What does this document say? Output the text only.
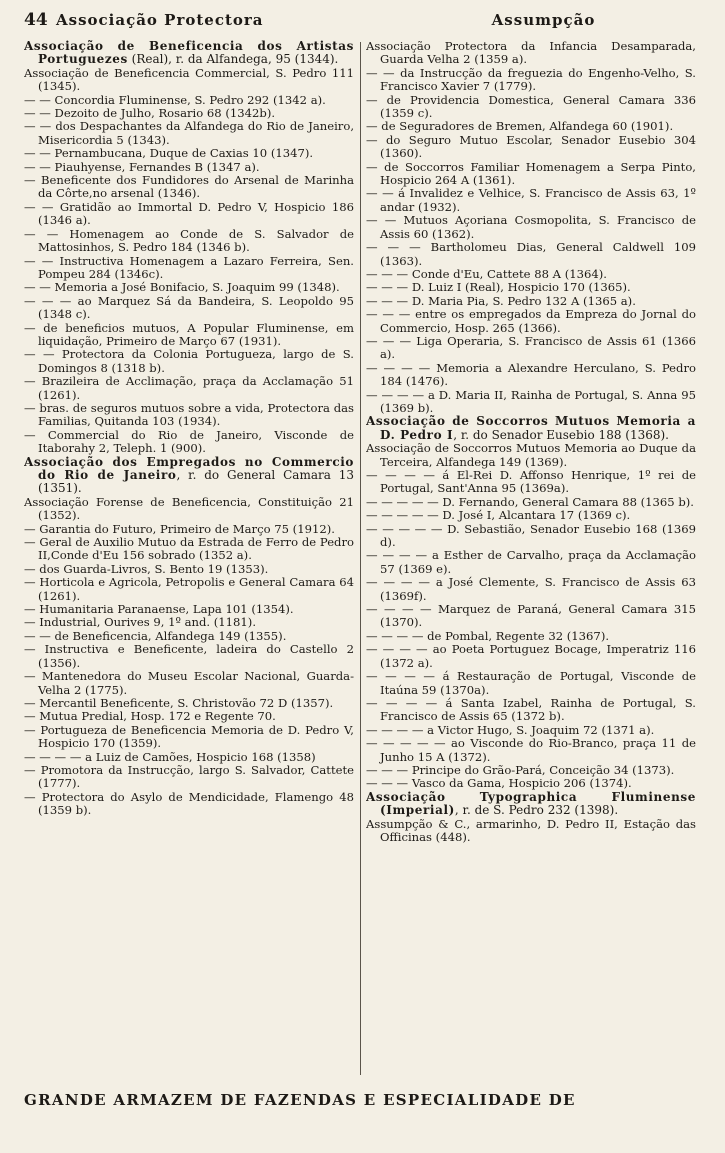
44 Associação Protectora	Assumpção

Associação de Beneficencia dos Artistas Portuguezes (Real), r. da Alfandega, 95 (1344).

Associação de Beneficencia Commercial, S. Pedro 111 (1345).

— — Concordia Fluminense, S. Pedro 292 (1342 a).

— — Dezoito de Julho, Rosario 68 (1342b).

— — dos Despachantes da Alfandega do Rio de Janeiro, Misericordia 5 (1343).

— — Pernambucana, Duque de Caxias 10 (1347).

— — Piauhyense, Fernandes B (1347 a).

— Beneficente dos Fundidores do Arsenal de Marinha da Côrte,no arsenal (1346).

— — Gratidão ao Immortal D. Pedro V, Hospicio 186 (1346 a).

— — Homenagem ao Conde de S. Salvador de Mattosinhos, S. Pedro 184 (1346 b).

— — Instructiva Homenagem a Lazaro Ferreira, Sen. Pompeu 284 (1346c).

— — Memoria a José Bonifacio, S. Joaquim 99 (1348).

— — — ao Marquez Sá da Bandeira, S. Leopoldo 95 (1348 c).

— de beneficios mutuos, A Popular Fluminense, em liquidação, Primeiro de Março 67 (1931).

— — Protectora da Colonia Portugueza, largo de S. Domingos 8 (1318 b).

— Brazileira de Acclimação, praça da Acclamação 51 (1261).

— bras. de seguros mutuos sobre a vida, Protectora das Familias, Quitanda 103 (1934).

— Commercial do Rio de Janeiro, Visconde de Itaborahy 2, Teleph. 1 (900).

Associação dos Empregados no Commercio do Rio de Janeiro, r. do General Camara 13 (1351).

Associação Forense de Beneficencia, Constituição 21 (1352).

— Garantia do Futuro, Primeiro de Março 75 (1912).

— Geral de Auxilio Mutuo da Estrada de Ferro de Pedro II,Conde d'Eu 156 sobrado (1352 a).

— dos Guarda-Livros, S. Bento 19 (1353).

— Horticola e Agricola, Petropolis e General Camara 64 (1261).

— Humanitaria Paranaense, Lapa 101 (1354).

— Industrial, Ourives 9, 1º and. (1181).

— — de Beneficencia, Alfandega 149 (1355).

— Instructiva e Beneficente, ladeira do Castello 2 (1356).

— Mantenedora do Museu Escolar Nacional, Guarda-Velha 2 (1775).

— Mercantil Beneficente, S. Christovão 72 D (1357).

— Mutua Predial, Hosp. 172 e Regente 70.

— Portugueza de Beneficencia Memoria de D. Pedro V, Hospicio 170 (1359).

— — — — a Luiz de Camões, Hospicio 168 (1358)

— Promotora da Instrucção, largo S. Salvador, Cattete (1777).

— Protectora do Asylo de Mendicidade, Flamengo 48 (1359 b).

Associação Protectora da Infancia Desamparada, Guarda Velha 2 (1359 a).

— — da Instrucção da freguezia do Engenho-Velho, S. Francisco Xavier 7 (1779).

— de Providencia Domestica, General Camara 336 (1359 c).

— de Seguradores de Bremen, Alfandega 60 (1901).

— do Seguro Mutuo Escolar, Senador Eusebio 304 (1360).

— de Soccorros Familiar Homenagem a Serpa Pinto, Hospicio 264 A (1361).

— — á Invalidez e Velhice, S. Francisco de Assis 63, 1º andar (1932).

— — Mutuos Açoriana Cosmopolita, S. Francisco de Assis 60 (1362).

— — — Bartholomeu Dias, General Caldwell 109 (1363).

— — — Conde d'Eu, Cattete 88 A (1364).

— — — D. Luiz I (Real), Hospicio 170 (1365).

— — — D. Maria Pia, S. Pedro 132 A (1365 a).

— — — entre os empregados da Empreza do Jornal do Commercio, Hosp. 265 (1366).

— — — Liga Operaria, S. Francisco de Assis 61 (1366 a).

— — — — Memoria a Alexandre Herculano, S. Pedro 184 (1476).

— — — — a D. Maria II, Rainha de Portugal, S. Anna 95 (1369 b).

Associação de Soccorros Mutuos Memoria a D. Pedro I, r. do Senador Eusebio 188 (1368).

Associação de Soccorros Mutuos Memoria ao Duque da Terceira, Alfandega 149 (1369).

— — — — á El-Rei D. Affonso Henrique, 1º rei de Portugal, Sant'Anna 95 (1369a).

— — — — — D. Fernando, General Camara 88 (1365 b).

— — — — — D. José I, Alcantara 17 (1369 c).

— — — — — D. Sebastião, Senador Eusebio 168 (1369 d).

— — — — a Esther de Carvalho, praça da Acclamação 57 (1369 e).

— — — — a José Clemente, S. Francisco de Assis 63 (1369f).

— — — — Marquez de Paraná, General Camara 315 (1370).

— — — — de Pombal, Regente 32 (1367).

— — — — ao Poeta Portuguez Bocage, Imperatriz 116 (1372 a).

— — — — á Restauração de Portugal, Visconde de Itaúna 59 (1370a).

— — — — á Santa Izabel, Rainha de Portugal, S. Francisco de Assis 65 (1372 b).

— — — — a Victor Hugo, S. Joaquim 72 (1371 a).

— — — — — ao Visconde do Rio-Branco, praça 11 de Junho 15 A (1372).

— — — Principe do Grão-Pará, Conceição 34 (1373).

— — — Vasco da Gama, Hospicio 206 (1374).

Associação Typographica Fluminense (Imperial), r. de S. Pedro 232 (1398).

Assumpção & C., armarinho, D. Pedro II, Estação das Officinas (448).

GRANDE ARMAZEM DE FAZENDAS E ESPECIALIDADE DE
